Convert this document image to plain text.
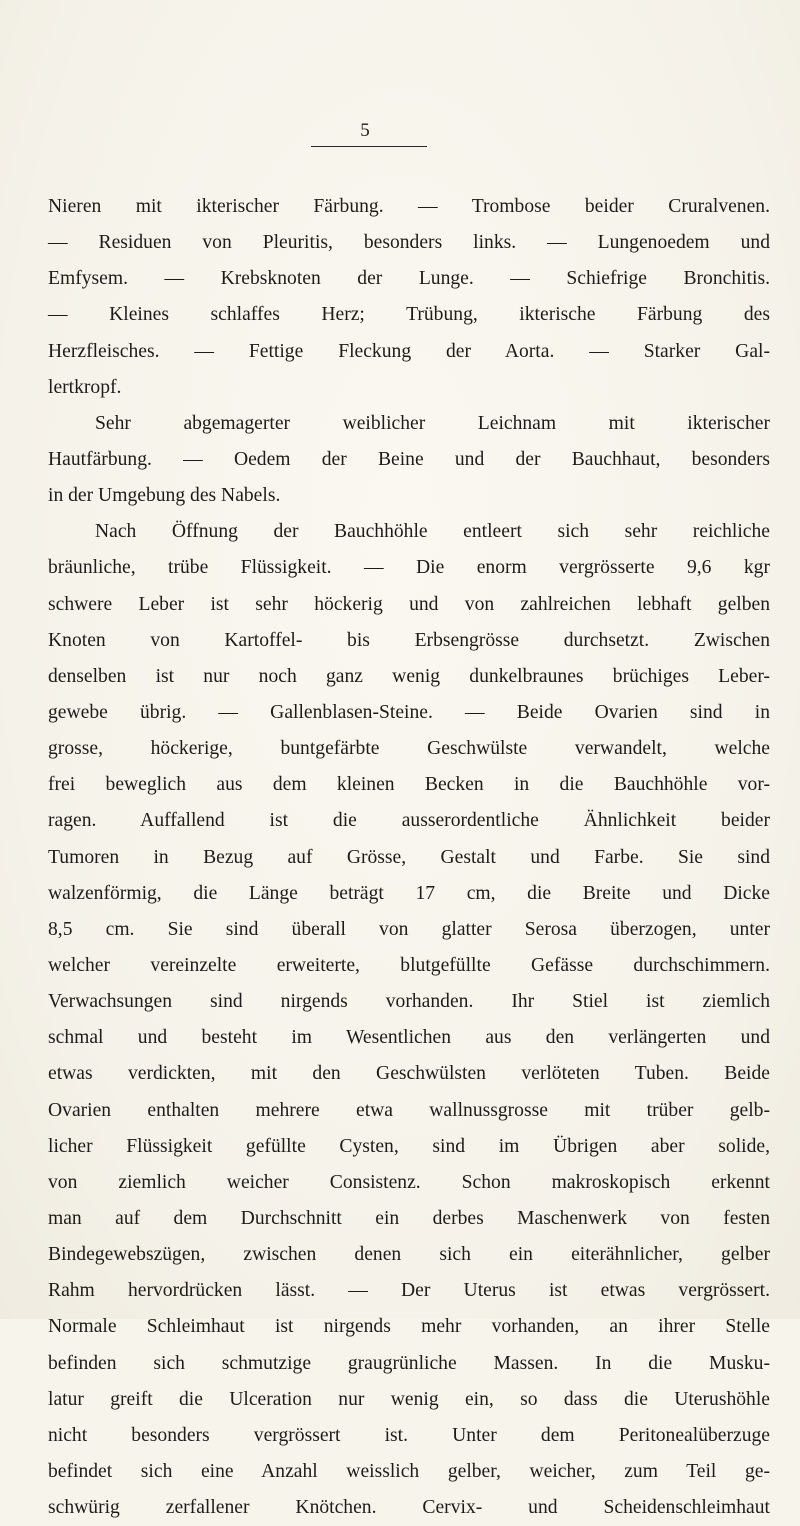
5
Nieren mit ikterischer Färbung. — Trombose beider Cruralvenen.
— Residuen von Pleuritis, besonders links. — Lungenoedem und
Emfysem. — Krebsknoten der Lunge. — Schiefrige Bronchitis.
— Kleines schlaffes Herz; Trübung, ikterische Färbung des
Herzfleisches. — Fettige Fleckung der Aorta. — Starker Gal-
lertkropf.
Sehr abgemagerter weiblicher Leichnam mit ikterischer
Hautfärbung. — Oedem der Beine und der Bauchhaut, besonders
in der Umgebung des Nabels.
Nach Öffnung der Bauchhöhle entleert sich sehr reichliche
bräunliche, trübe Flüssigkeit. — Die enorm vergrösserte 9,6 kgr
schwere Leber ist sehr höckerig und von zahlreichen lebhaft gelben
Knoten von Kartoffel- bis Erbsengrösse durchsetzt. Zwischen
denselben ist nur noch ganz wenig dunkelbraunes brüchiges Leber-
gewebe übrig. — Gallenblasen-Steine. — Beide Ovarien sind in
grosse, höckerige, buntgefärbte Geschwülste verwandelt, welche
frei beweglich aus dem kleinen Becken in die Bauchhöhle vor-
ragen. Auffallend ist die ausserordentliche Ähnlichkeit beider
Tumoren in Bezug auf Grösse, Gestalt und Farbe. Sie sind
walzenförmig, die Länge beträgt 17 cm, die Breite und Dicke
8,5 cm. Sie sind überall von glatter Serosa überzogen, unter
welcher vereinzelte erweiterte, blutgefüllte Gefässe durchschimmern.
Verwachsungen sind nirgends vorhanden. Ihr Stiel ist ziemlich
schmal und besteht im Wesentlichen aus den verlängerten und
etwas verdickten, mit den Geschwülsten verlöteten Tuben. Beide
Ovarien enthalten mehrere etwa wallnussgrosse mit trüber gelb-
licher Flüssigkeit gefüllte Cysten, sind im Übrigen aber solide,
von ziemlich weicher Consistenz. Schon makroskopisch erkennt
man auf dem Durchschnitt ein derbes Maschenwerk von festen
Bindegewebszügen, zwischen denen sich ein eiterähnlicher, gelber
Rahm hervordrücken lässt. — Der Uterus ist etwas vergrössert.
Normale Schleimhaut ist nirgends mehr vorhanden, an ihrer Stelle
befinden sich schmutzige graugrünliche Massen. In die Musku-
latur greift die Ulceration nur wenig ein, so dass die Uterushöhle
nicht besonders vergrössert ist. Unter dem Peritonealüberzuge
befindet sich eine Anzahl weisslich gelber, weicher, zum Teil ge-
schwürig zerfallener Knötchen. Cervix- und Scheidenschleimhaut
